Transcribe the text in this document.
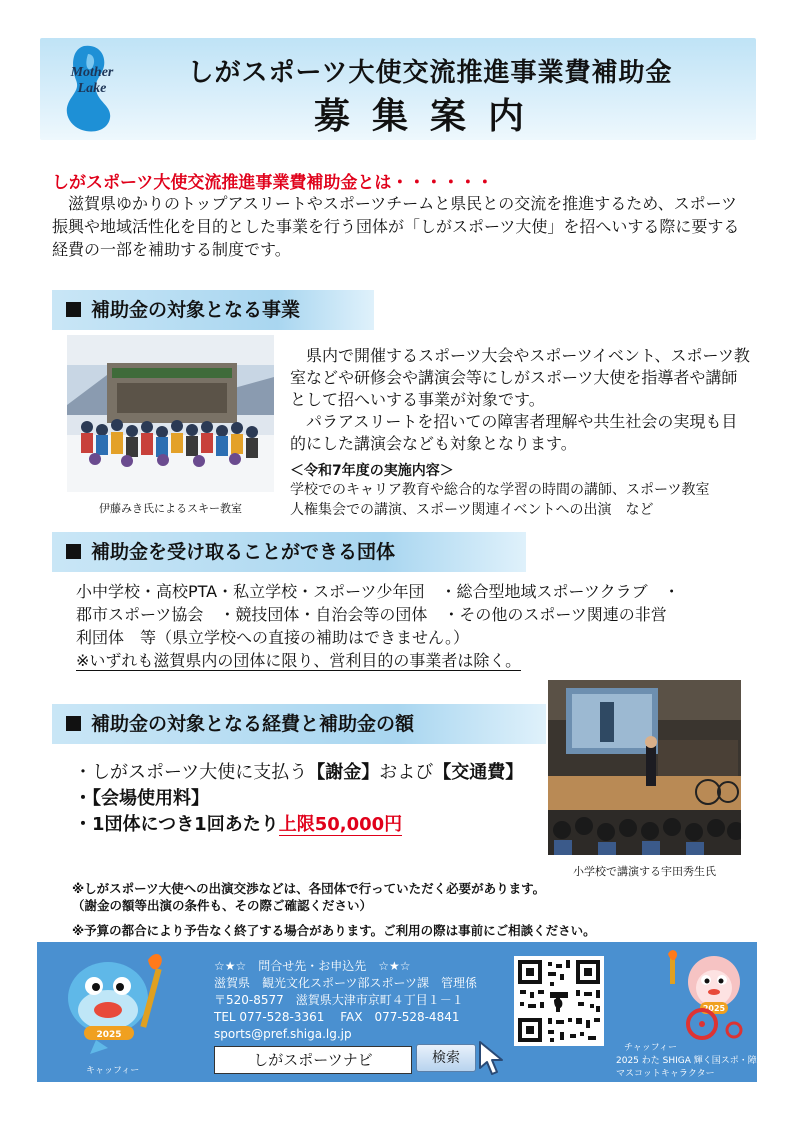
Mother
Lake
しがスポーツ大使交流推進事業費補助金
募集案内
しがスポーツ大使交流推進事業費補助金とは・・・・・・
滋賀県ゆかりのトップアスリートやスポーツチームと県民との交流を推進するため、スポーツ振興や地域活性化を目的とした事業を行う団体が「しがスポーツ大使」を招へいする際に要する経費の一部を補助する制度です。
補助金の対象となる事業
伊藤みき氏によるスキー教室

県内で開催するスポーツ大会やスポーツイベント、スポーツ教室などや研修会や講演会等にしがスポーツ大使を指導者や講師として招へいする事業が対象です。

パラアスリートを招いての障害者理解や共生社会の実現も目的にした講演会なども対象となります。

＜令和7年度の実施内容＞
学校でのキャリア教育や総合的な学習の時間の講師、スポーツ教室
人権集会での講演、スポーツ関連イベントへの出演　など
補助金を受け取ることができる団体
小中学校・高校PTA・私立学校・スポーツ少年団　・総合型地域スポーツクラブ　・
郡市スポーツ協会　・競技団体・自治会等の団体　・その他のスポーツ関連の非営
利団体　等（県立学校への直接の補助はできません。）
※いずれも滋賀県内の団体に限り、営利目的の事業者は除く。
小学校で講演する宇田秀生氏
補助金の対象となる経費と補助金の額
・しがスポーツ大使に支払う【謝金】および【交通費】
・【会場使用料】
・1団体につき1回あたり上限50,000円
※しがスポーツ大使への出演交渉などは、各団体で行っていただく必要があります。
（謝金の額等出演の条件も、その際ご確認ください）
※予算の都合により予告なく終了する場合があります。ご利用の際は事前にご相談ください。
2025
キャッフィー
☆★☆　問合せ先・お申込先　☆★☆
滋賀県　観光文化スポーツ部スポーツ課　管理係
〒520-8577　滋賀県大津市京町４丁目１－１
TEL 077-528-3361　 FAX　077-528-4841
sports@pref.shiga.lg.jp
しがスポーツナビ	検索
2025
チャッフィー
2025 わた SHIGA 輝く国スポ・障スポ
マスコットキャラクター
